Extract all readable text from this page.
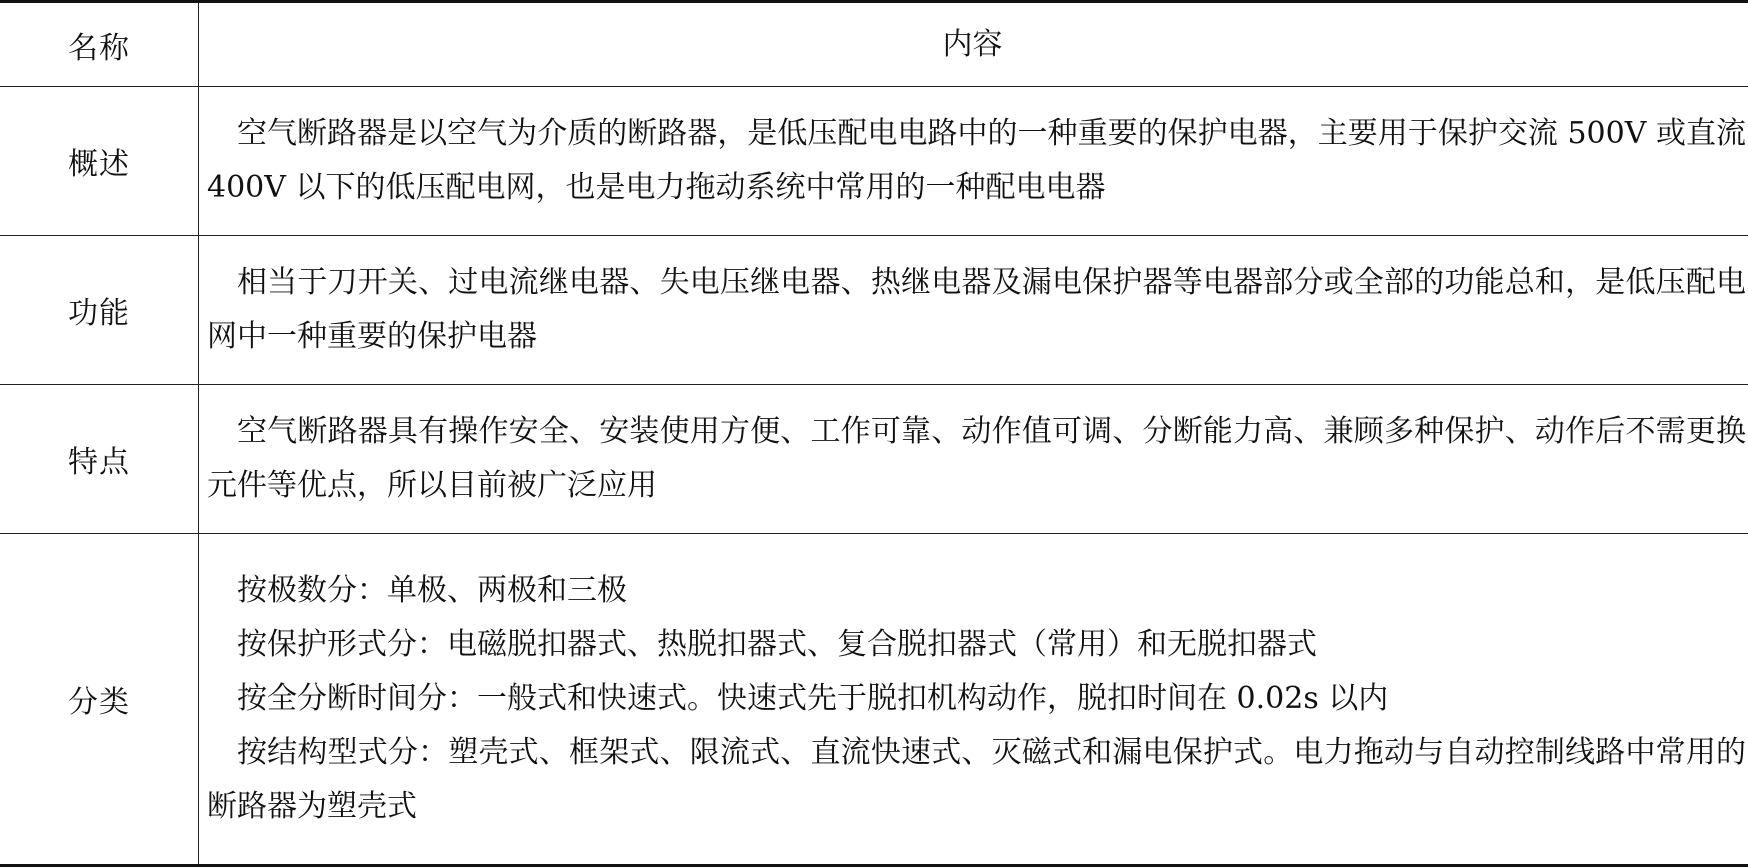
名称	内容
概述	空气断路器是以空气为介质的断路器，是低压配电电路中的一种重要的保护电器，主要用于保护交流 500V 或直流 400V 以下的低压配电网，也是电力拖动系统中常用的一种配电电器

功能	相当于刀开关、过电流继电器、失电压继电器、热继电器及漏电保护器等电器部分或全部的功能总和，是低压配电网中一种重要的保护电器

特点	空气断路器具有操作安全、安装使用方便、工作可靠、动作值可调、分断能力高、兼顾多种保护、动作后不需更换元件等优点，所以目前被广泛应用

分类	按极数分：单极、两极和三极
按保护形式分：电磁脱扣器式、热脱扣器式、复合脱扣器式（常用）和无脱扣器式
按全分断时间分：一般式和快速式。快速式先于脱扣机构动作，脱扣时间在 0.02s 以内
按结构型式分：塑壳式、框架式、限流式、直流快速式、灭磁式和漏电保护式。电力拖动与自动控制线路中常用的断路器为塑壳式
